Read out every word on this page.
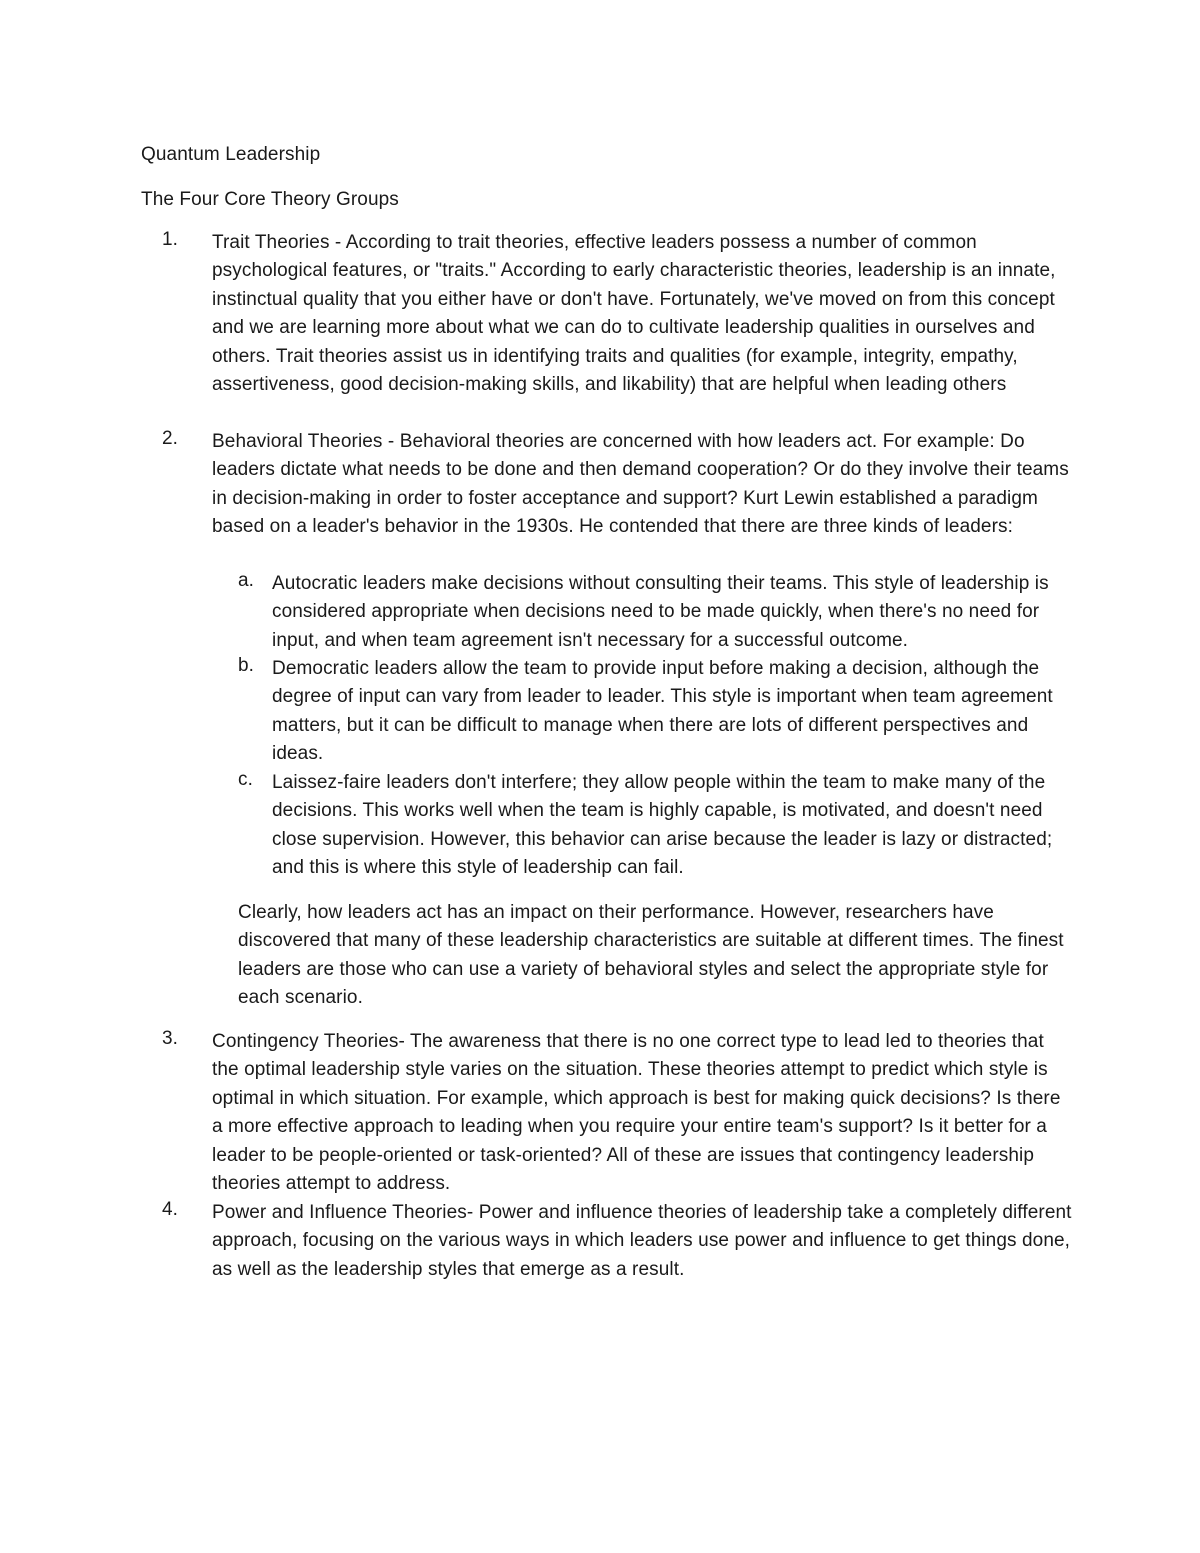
Quantum Leadership

The Four Core Theory Groups

1. Trait Theories - According to trait theories, effective leaders possess a number of common psychological features, or "traits." According to early characteristic theories, leadership is an innate, instinctual quality that you either have or don't have. Fortunately, we've moved on from this concept and we are learning more about what we can do to cultivate leadership qualities in ourselves and others. Trait theories assist us in identifying traits and qualities (for example, integrity, empathy, assertiveness, good decision-making skills, and likability) that are helpful when leading others

2. Behavioral Theories - Behavioral theories are concerned with how leaders act. For example: Do leaders dictate what needs to be done and then demand cooperation? Or do they involve their teams in decision-making in order to foster acceptance and support? Kurt Lewin established a paradigm based on a leader's behavior in the 1930s. He contended that there are three kinds of leaders:

a. Autocratic leaders make decisions without consulting their teams. This style of leadership is considered appropriate when decisions need to be made quickly, when there's no need for input, and when team agreement isn't necessary for a successful outcome.

b. Democratic leaders allow the team to provide input before making a decision, although the degree of input can vary from leader to leader. This style is important when team agreement matters, but it can be difficult to manage when there are lots of different perspectives and ideas.

c. Laissez-faire leaders don't interfere; they allow people within the team to make many of the decisions. This works well when the team is highly capable, is motivated, and doesn't need close supervision. However, this behavior can arise because the leader is lazy or distracted; and this is where this style of leadership can fail.

Clearly, how leaders act has an impact on their performance. However, researchers have discovered that many of these leadership characteristics are suitable at different times. The finest leaders are those who can use a variety of behavioral styles and select the appropriate style for each scenario.

3. Contingency Theories- The awareness that there is no one correct type to lead led to theories that the optimal leadership style varies on the situation. These theories attempt to predict which style is optimal in which situation. For example, which approach is best for making quick decisions? Is there a more effective approach to leading when you require your entire team's support? Is it better for a leader to be people-oriented or task-oriented? All of these are issues that contingency leadership theories attempt to address.

4. Power and Influence Theories- Power and influence theories of leadership take a completely different approach, focusing on the various ways in which leaders use power and influence to get things done, as well as the leadership styles that emerge as a result.
